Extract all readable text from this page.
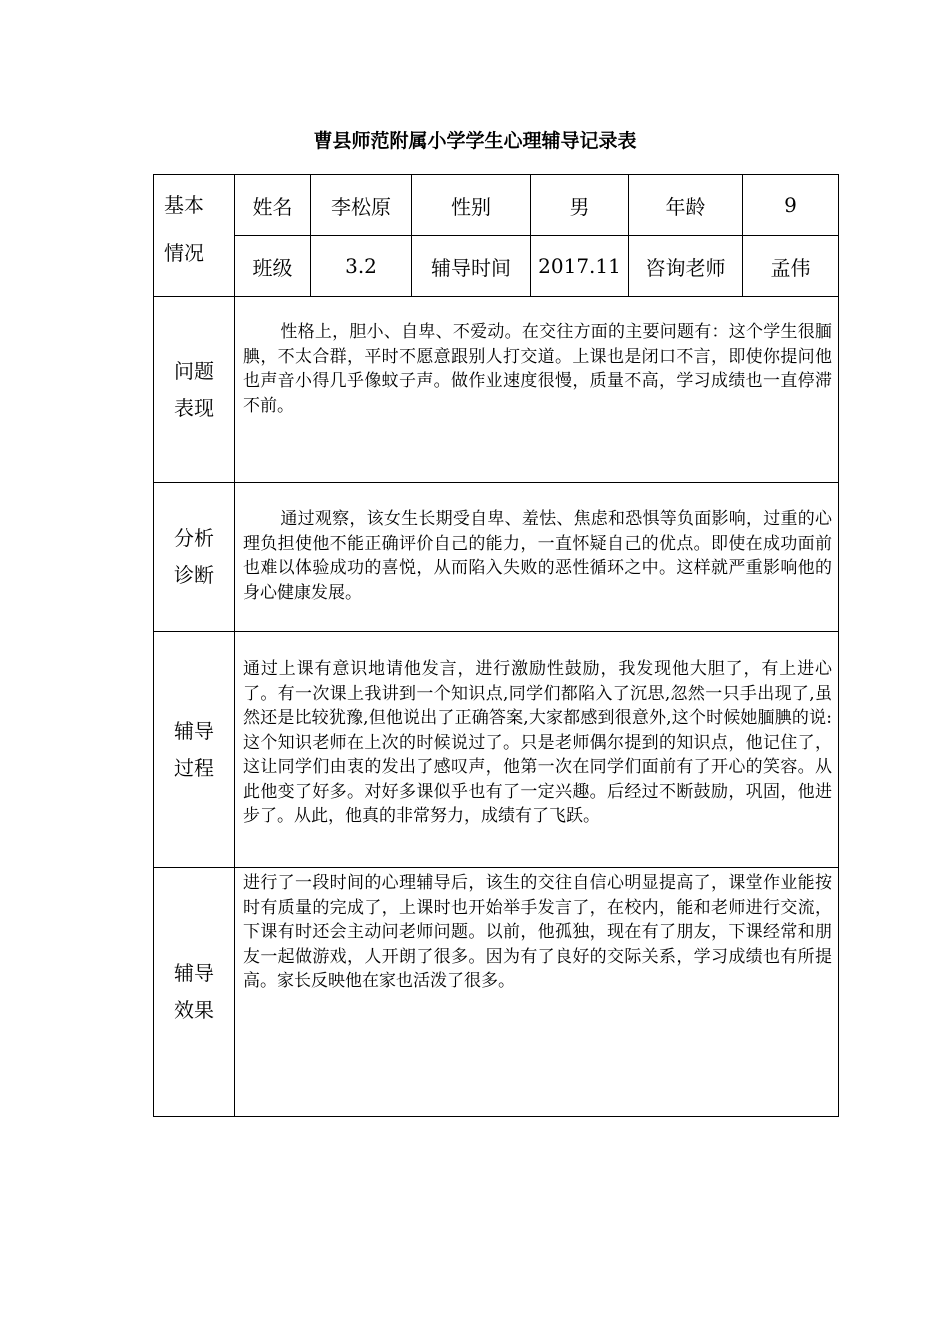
曹县师范附属小学学生心理辅导记录表
基本
情况	姓名	李松原	性别	男	年龄	9
	班级	3.2	辅导时间	2017.11	咨询老师	孟伟

问题
表现	性格上，胆小、自卑、不爱动。在交往方面的主要问题有：这个学生很腼腆，不太合群，平时不愿意跟别人打交道。上课也是闭口不言，即使你提问他也声音小得几乎像蚊子声。做作业速度很慢，质量不高，学习成绩也一直停滞不前。					

分析
诊断	通过观察，该女生长期受自卑、羞怯、焦虑和恐惧等负面影响，过重的心理负担使他不能正确评价自己的能力，一直怀疑自己的优点。即使在成功面前也难以体验成功的喜悦，从而陷入失败的恶性循环之中。这样就严重影响他的身心健康发展。					

辅导
过程	通过上课有意识地请他发言，进行激励性鼓励，我发现他大胆了，有上进心了。有一次课上我讲到一个知识点,同学们都陷入了沉思,忽然一只手出现了,虽然还是比较犹豫,但他说出了正确答案,大家都感到很意外,这个时候她腼腆的说:这个知识老师在上次的时候说过了。只是老师偶尔提到的知识点，他记住了，这让同学们由衷的发出了感叹声，他第一次在同学们面前有了开心的笑容。从此他变了好多。对好多课似乎也有了一定兴趣。后经过不断鼓励，巩固，他进步了。从此，他真的非常努力，成绩有了飞跃。					

辅导
效果	进行了一段时间的心理辅导后，该生的交往自信心明显提高了，课堂作业能按时有质量的完成了，上课时也开始举手发言了，在校内，能和老师进行交流，下课有时还会主动问老师问题。以前，他孤独，现在有了朋友，下课经常和朋友一起做游戏，人开朗了很多。因为有了良好的交际关系，学习成绩也有所提高。家长反映他在家也活泼了很多。					
